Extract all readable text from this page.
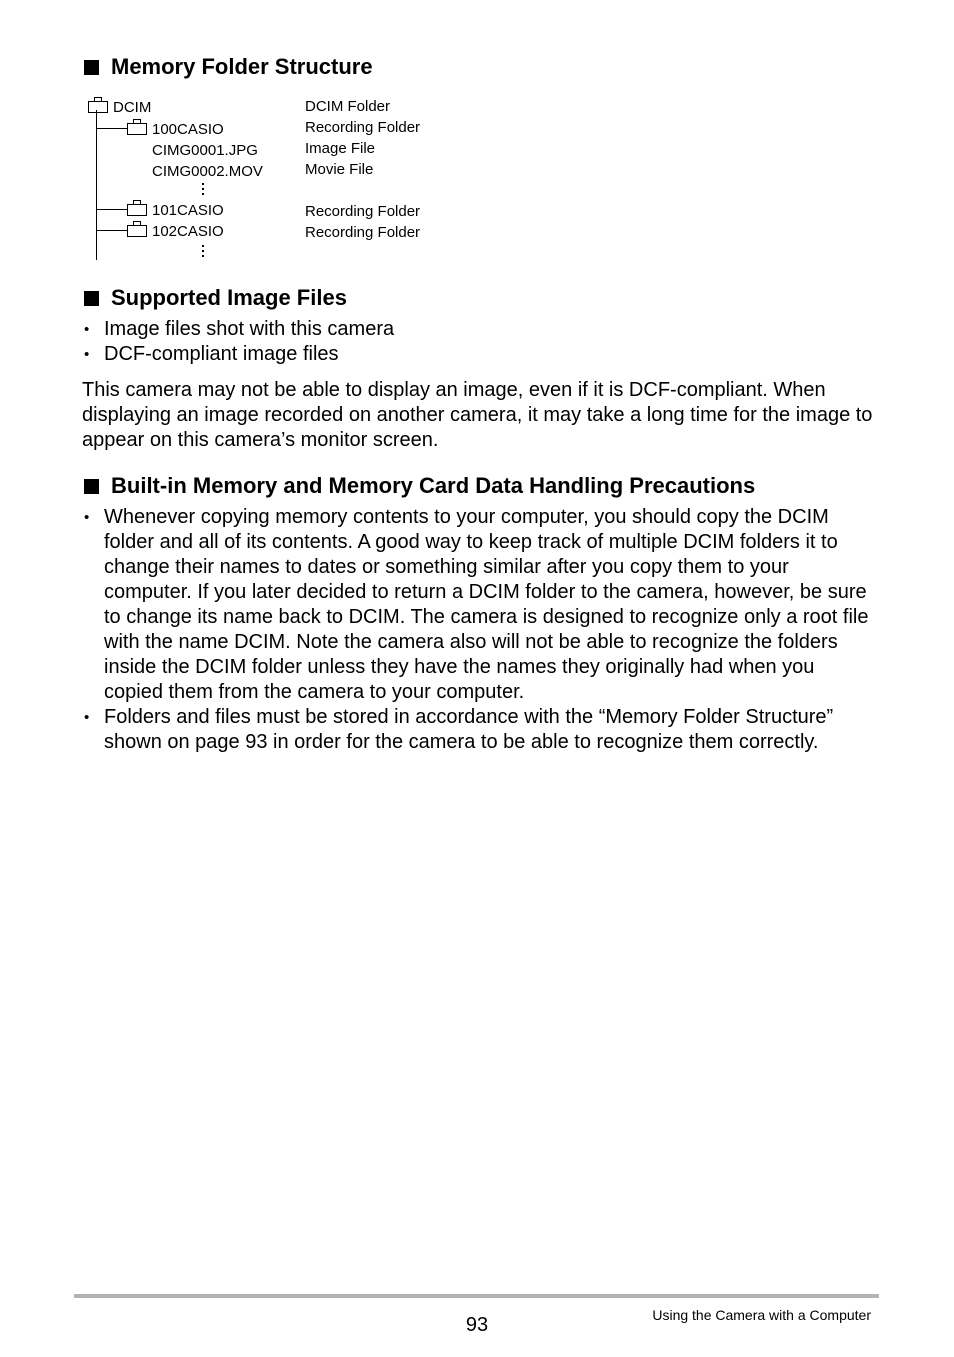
Memory Folder Structure
DCIM	DCIM Folder
100CASIO	Recording Folder
CIMG0001.JPG	Image File
CIMG0002.MOV	Movie File
101CASIO	Recording Folder
102CASIO	Recording Folder
Supported Image Files
• Image files shot with this camera
• DCF-compliant image files

This camera may not be able to display an image, even if it is DCF-compliant. When displaying an image recorded on another camera, it may take a long time for the image to appear on this camera’s monitor screen.

Built-in Memory and Memory Card Data Handling Precautions
• Whenever copying memory contents to your computer, you should copy the DCIM folder and all of its contents. A good way to keep track of multiple DCIM folders it to change their names to dates or something similar after you copy them to your computer. If you later decided to return a DCIM folder to the camera, however, be sure to change its name back to DCIM. The camera is designed to recognize only a root file with the name DCIM. Note the camera also will not be able to recognize the folders inside the DCIM folder unless they have the names they originally had when you copied them from the camera to your computer.
• Folders and files must be stored in accordance with the “Memory Folder Structure” shown on page 93 in order for the camera to be able to recognize them correctly.
93	Using the Camera with a Computer
